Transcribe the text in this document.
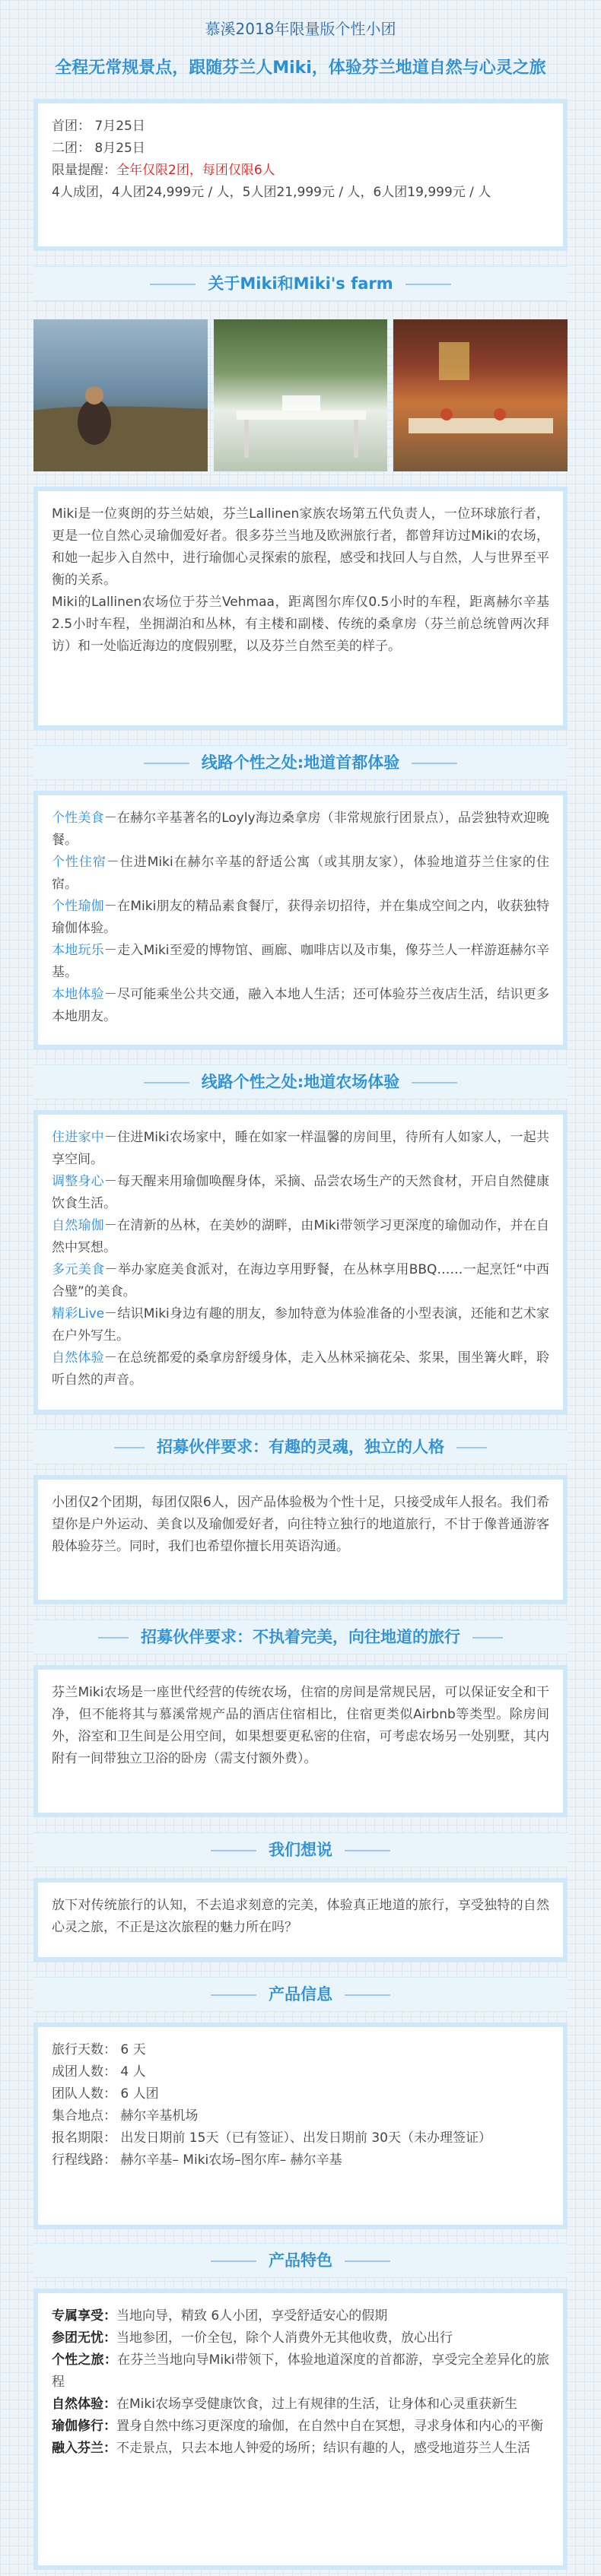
慕溪2018年限量版个性小团
全程无常规景点，跟随芬兰人Miki，体验芬兰地道自然与心灵之旅

首团： 7月25日

二团： 8月25日

限量提醒：全年仅限2团，每团仅限6人

4人成团，4人团24,999元 / 人，5人团21,999元 / 人，6人团19,999元 / 人

关于Miki和Miki's farm

Miki是一位爽朗的芬兰姑娘，芬兰Lallinen家族农场第五代负责人，一位环球旅行者，更是一位自然心灵瑜伽爱好者。很多芬兰当地及欧洲旅行者，都曾拜访过Miki的农场，和她一起步入自然中，进行瑜伽心灵探索的旅程，感受和找回人与自然，人与世界至平衡的关系。

Miki的Lallinen农场位于芬兰Vehmaa，距离图尔库仅0.5小时的车程，距离赫尔辛基2.5小时车程，坐拥湖泊和丛林，有主楼和副楼、传统的桑拿房（芬兰前总统曾两次拜访）和一处临近海边的度假别墅，以及芬兰自然至美的样子。

线路个性之处:地道首都体验

个性美食－在赫尔辛基著名的Loyly海边桑拿房（非常规旅行团景点），品尝独特欢迎晚餐。

个性住宿－住进Miki在赫尔辛基的舒适公寓（或其朋友家），体验地道芬兰住家的住宿。

个性瑜伽－在Miki朋友的精品素食餐厅，获得亲切招待，并在集成空间之内，收获独特瑜伽体验。

本地玩乐－走入Miki至爱的博物馆、画廊、咖啡店以及市集，像芬兰人一样游逛赫尔辛基。

本地体验－尽可能乘坐公共交通，融入本地人生活；还可体验芬兰夜店生活，结识更多本地朋友。

线路个性之处:地道农场体验

住进家中－住进Miki农场家中，睡在如家一样温馨的房间里，待所有人如家人，一起共享空间。

调整身心－每天醒来用瑜伽唤醒身体，采摘、品尝农场生产的天然食材，开启自然健康饮食生活。

自然瑜伽－在清新的丛林，在美妙的湖畔，由Miki带领学习更深度的瑜伽动作，并在自然中冥想。

多元美食－举办家庭美食派对，在海边享用野餐，在丛林享用BBQ……一起烹饪“中西合璧”的美食。

精彩Live－结识Miki身边有趣的朋友，参加特意为体验准备的小型表演，还能和艺术家在户外写生。

自然体验－在总统都爱的桑拿房舒缓身体，走入丛林采摘花朵、浆果，围坐篝火畔，聆听自然的声音。

招募伙伴要求：有趣的灵魂，独立的人格

小团仅2个团期，每团仅限6人，因产品体验极为个性十足，只接受成年人报名。我们希望你是户外运动、美食以及瑜伽爱好者，向往特立独行的地道旅行，不甘于像普通游客般体验芬兰。同时，我们也希望你擅长用英语沟通。

招募伙伴要求：不执着完美，向往地道的旅行

芬兰Miki农场是一座世代经营的传统农场，住宿的房间是常规民居，可以保证安全和干净，但不能将其与慕溪常规产品的酒店住宿相比，住宿更类似Airbnb等类型。除房间外，浴室和卫生间是公用空间，如果想要更私密的住宿，可考虑农场另一处别墅，其内附有一间带独立卫浴的卧房（需支付额外费）。

我们想说

放下对传统旅行的认知，不去追求刻意的完美，体验真正地道的旅行，享受独特的自然心灵之旅，不正是这次旅程的魅力所在吗？

产品信息

旅行天数： 6 天

成团人数： 4 人

团队人数： 6 人团

集合地点： 赫尔辛基机场

报名期限： 出发日期前 15天（已有签证）、出发日期前 30天（未办理签证）

行程线路： 赫尔辛基– Miki农场–图尔库– 赫尔辛基

产品特色

专属享受：当地向导，精致 6人小团，享受舒适安心的假期

参团无忧：当地参团，一价全包，除个人消费外无其他收费，放心出行

个性之旅：在芬兰当地向导Miki带领下，体验地道深度的首都游，享受完全差异化的旅程

自然体验：在Miki农场享受健康饮食，过上有规律的生活，让身体和心灵重获新生

瑜伽修行：置身自然中练习更深度的瑜伽，在自然中自在冥想，寻求身体和内心的平衡

融入芬兰：不走景点，只去本地人钟爱的场所；结识有趣的人，感受地道芬兰人生活
